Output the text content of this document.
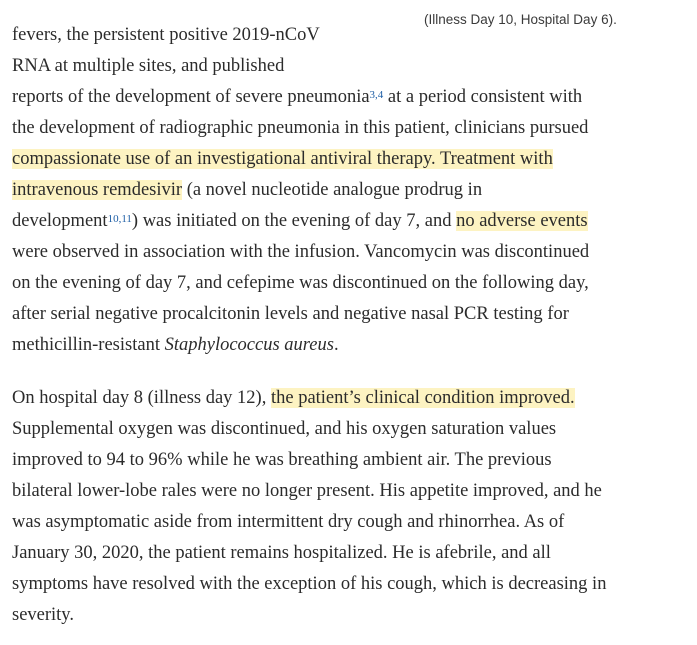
(Illness Day 10, Hospital Day 6).
fevers, the persistent positive 2019-nCoV
RNA at multiple sites, and published
reports of the development of severe pneumonia$^{3,4}$ at a period consistent with
the development of radiographic pneumonia in this patient, clinicians pursued
compassionate use of an investigational antiviral therapy. Treatment with
intravenous remdesivir (a novel nucleotide analogue prodrug in
development$^{10,11}$) was initiated on the evening of day 7, and no adverse events
were observed in association with the infusion. Vancomycin was discontinued
on the evening of day 7, and cefepime was discontinued on the following day,
after serial negative procalcitonin levels and negative nasal PCR testing for
methicillin-resistant Staphylococcus aureus.
On hospital day 8 (illness day 12), the patient’s clinical condition improved.
Supplemental oxygen was discontinued, and his oxygen saturation values
improved to 94 to 96% while he was breathing ambient air. The previous
bilateral lower-lobe rales were no longer present. His appetite improved, and he
was asymptomatic aside from intermittent dry cough and rhinorrhea. As of
January 30, 2020, the patient remains hospitalized. He is afebrile, and all
symptoms have resolved with the exception of his cough, which is decreasing in
severity.
